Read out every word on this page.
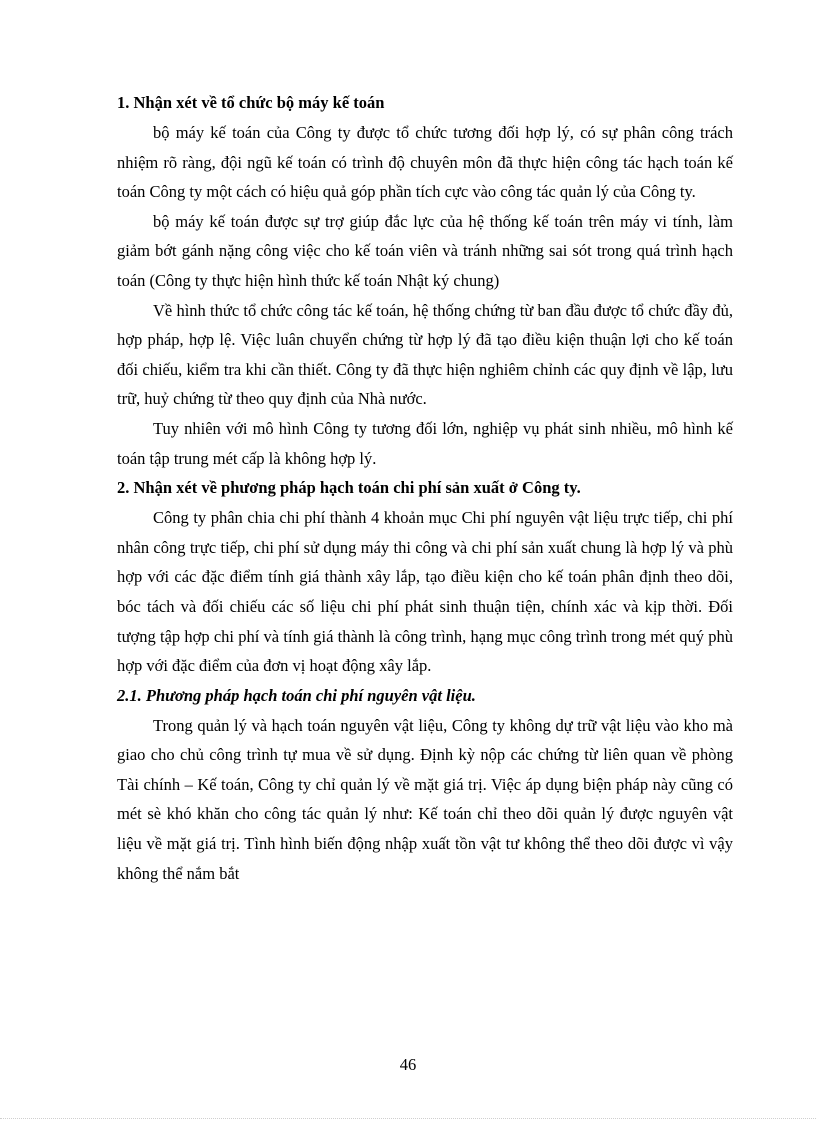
1. Nhận xét về tổ chức bộ máy kế toán

bộ máy kế toán của Công ty được tổ chức tương đối hợp lý, có sự phân công trách nhiệm rõ ràng, đội ngũ kế toán có trình độ chuyên môn đã thực hiện công tác hạch toán kế toán Công ty một cách có hiệu quả góp phần tích cực vào công tác quản lý của Công ty.

bộ máy kế toán được sự trợ giúp đắc lực của hệ thống kế toán trên máy vi tính, làm giảm bớt gánh nặng công việc cho kế toán viên và tránh những sai sót trong quá trình hạch toán (Công ty thực hiện hình thức kế toán Nhật ký chung)

Về hình thức tổ chức công tác kế toán, hệ thống chứng từ ban đầu được tổ chức đầy đủ, hợp pháp, hợp lệ. Việc luân chuyển chứng từ hợp lý đã tạo điều kiện thuận lợi cho kế toán đối chiếu, kiểm tra khi cần thiết. Công ty đã thực hiện nghiêm chỉnh các quy định về lập, lưu trữ, huỷ chứng từ theo quy định của Nhà nước.

Tuy nhiên với mô hình Công ty tương đối lớn, nghiệp vụ phát sinh nhiều, mô hình kế toán tập trung mét cấp là không hợp lý.

2. Nhận xét về phương pháp hạch toán chi phí sản xuất ở Công ty.

Công ty phân chia chi phí thành 4 khoản mục Chi phí nguyên vật liệu trực tiếp, chi phí nhân công trực tiếp, chi phí sử dụng máy thi công và chi phí sản xuất chung là hợp lý và phù hợp với các đặc điểm tính giá thành xây lắp, tạo điều kiện cho kế toán phân định theo dõi, bóc tách và đối chiếu các số liệu chi phí phát sinh thuận tiện, chính xác và kịp thời. Đối tượng tập hợp chi phí và tính giá thành là công trình, hạng mục công trình trong mét quý phù hợp với đặc điểm của đơn vị hoạt động xây lắp.

2.1. Phương pháp hạch toán chi phí nguyên vật liệu.

Trong quản lý và hạch toán nguyên vật liệu, Công ty không dự trữ vật liệu vào kho mà giao cho chủ công trình tự mua về sử dụng. Định kỳ nộp các chứng từ liên quan về phòng Tài chính – Kế toán, Công ty chỉ quản lý về mặt giá trị. Việc áp dụng biện pháp này cũng có mét sè khó khăn cho công tác quản lý như: Kế toán chỉ theo dõi quản lý được nguyên vật liệu về mặt giá trị. Tình hình biến động nhập xuất tồn vật tư không thể theo dõi được vì vậy không thể nắm bắt

46
